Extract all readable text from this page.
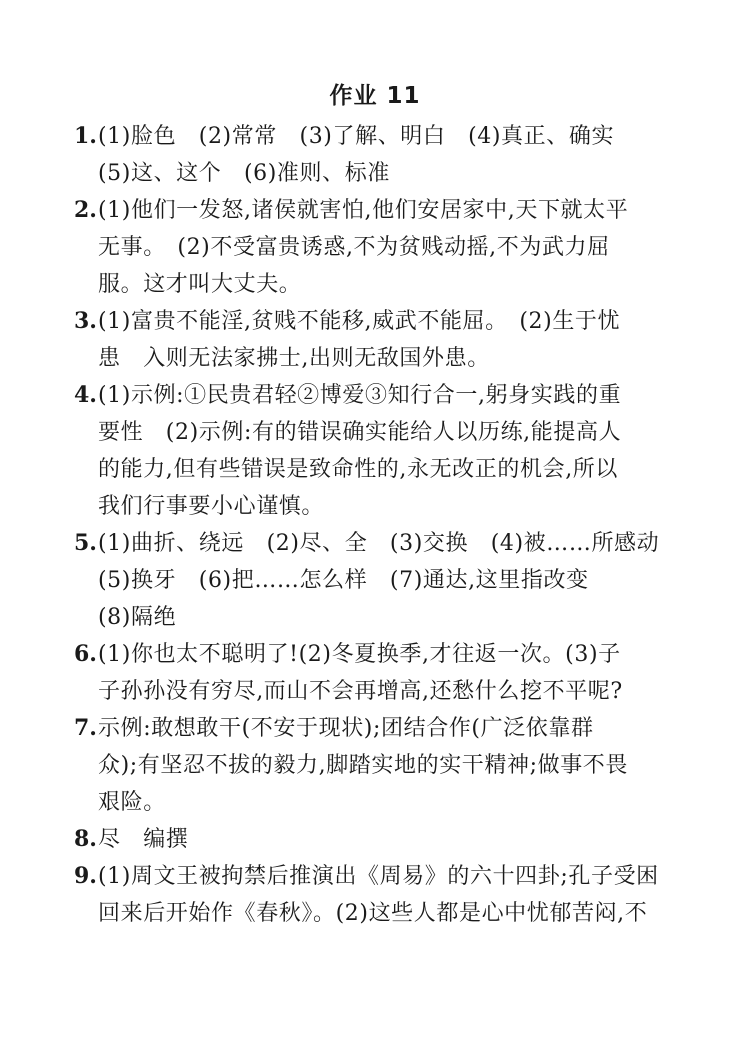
作业 11
1. (1)脸色　(2)常常　(3)了解、明白　(4)真正、确实
(5)这、这个　(6)准则、标准
2. (1)他们一发怒,诸侯就害怕,他们安居家中,天下就太平
无事。　(2)不受富贵诱惑,不为贫贱动摇,不为武力屈
服。这才叫大丈夫。
3. (1)富贵不能淫,贫贱不能移,威武不能屈。　(2)生于忧
患　入则无法家拂士,出则无敌国外患。
4. (1)示例:①民贵君轻②博爱③知行合一,躬身实践的重
要性　(2)示例:有的错误确实能给人以历练,能提高人
的能力,但有些错误是致命性的,永无改正的机会,所以
我们行事要小心谨慎。
5. (1)曲折、绕远　(2)尽、全　(3)交换　(4)被……所感动
(5)换牙　(6)把……怎么样　(7)通达,这里指改变
(8)隔绝
6. (1)你也太不聪明了!(2)冬夏换季,才往返一次。(3)子
子孙孙没有穷尽,而山不会再增高,还愁什么挖不平呢?
7. 示例:敢想敢干(不安于现状);团结合作(广泛依靠群
众);有坚忍不拔的毅力,脚踏实地的实干精神;做事不畏
艰险。
8. 尽　编撰
9. (1)周文王被拘禁后推演出《周易》的六十四卦;孔子受困
回来后开始作《春秋》。(2)这些人都是心中忧郁苦闷,不
